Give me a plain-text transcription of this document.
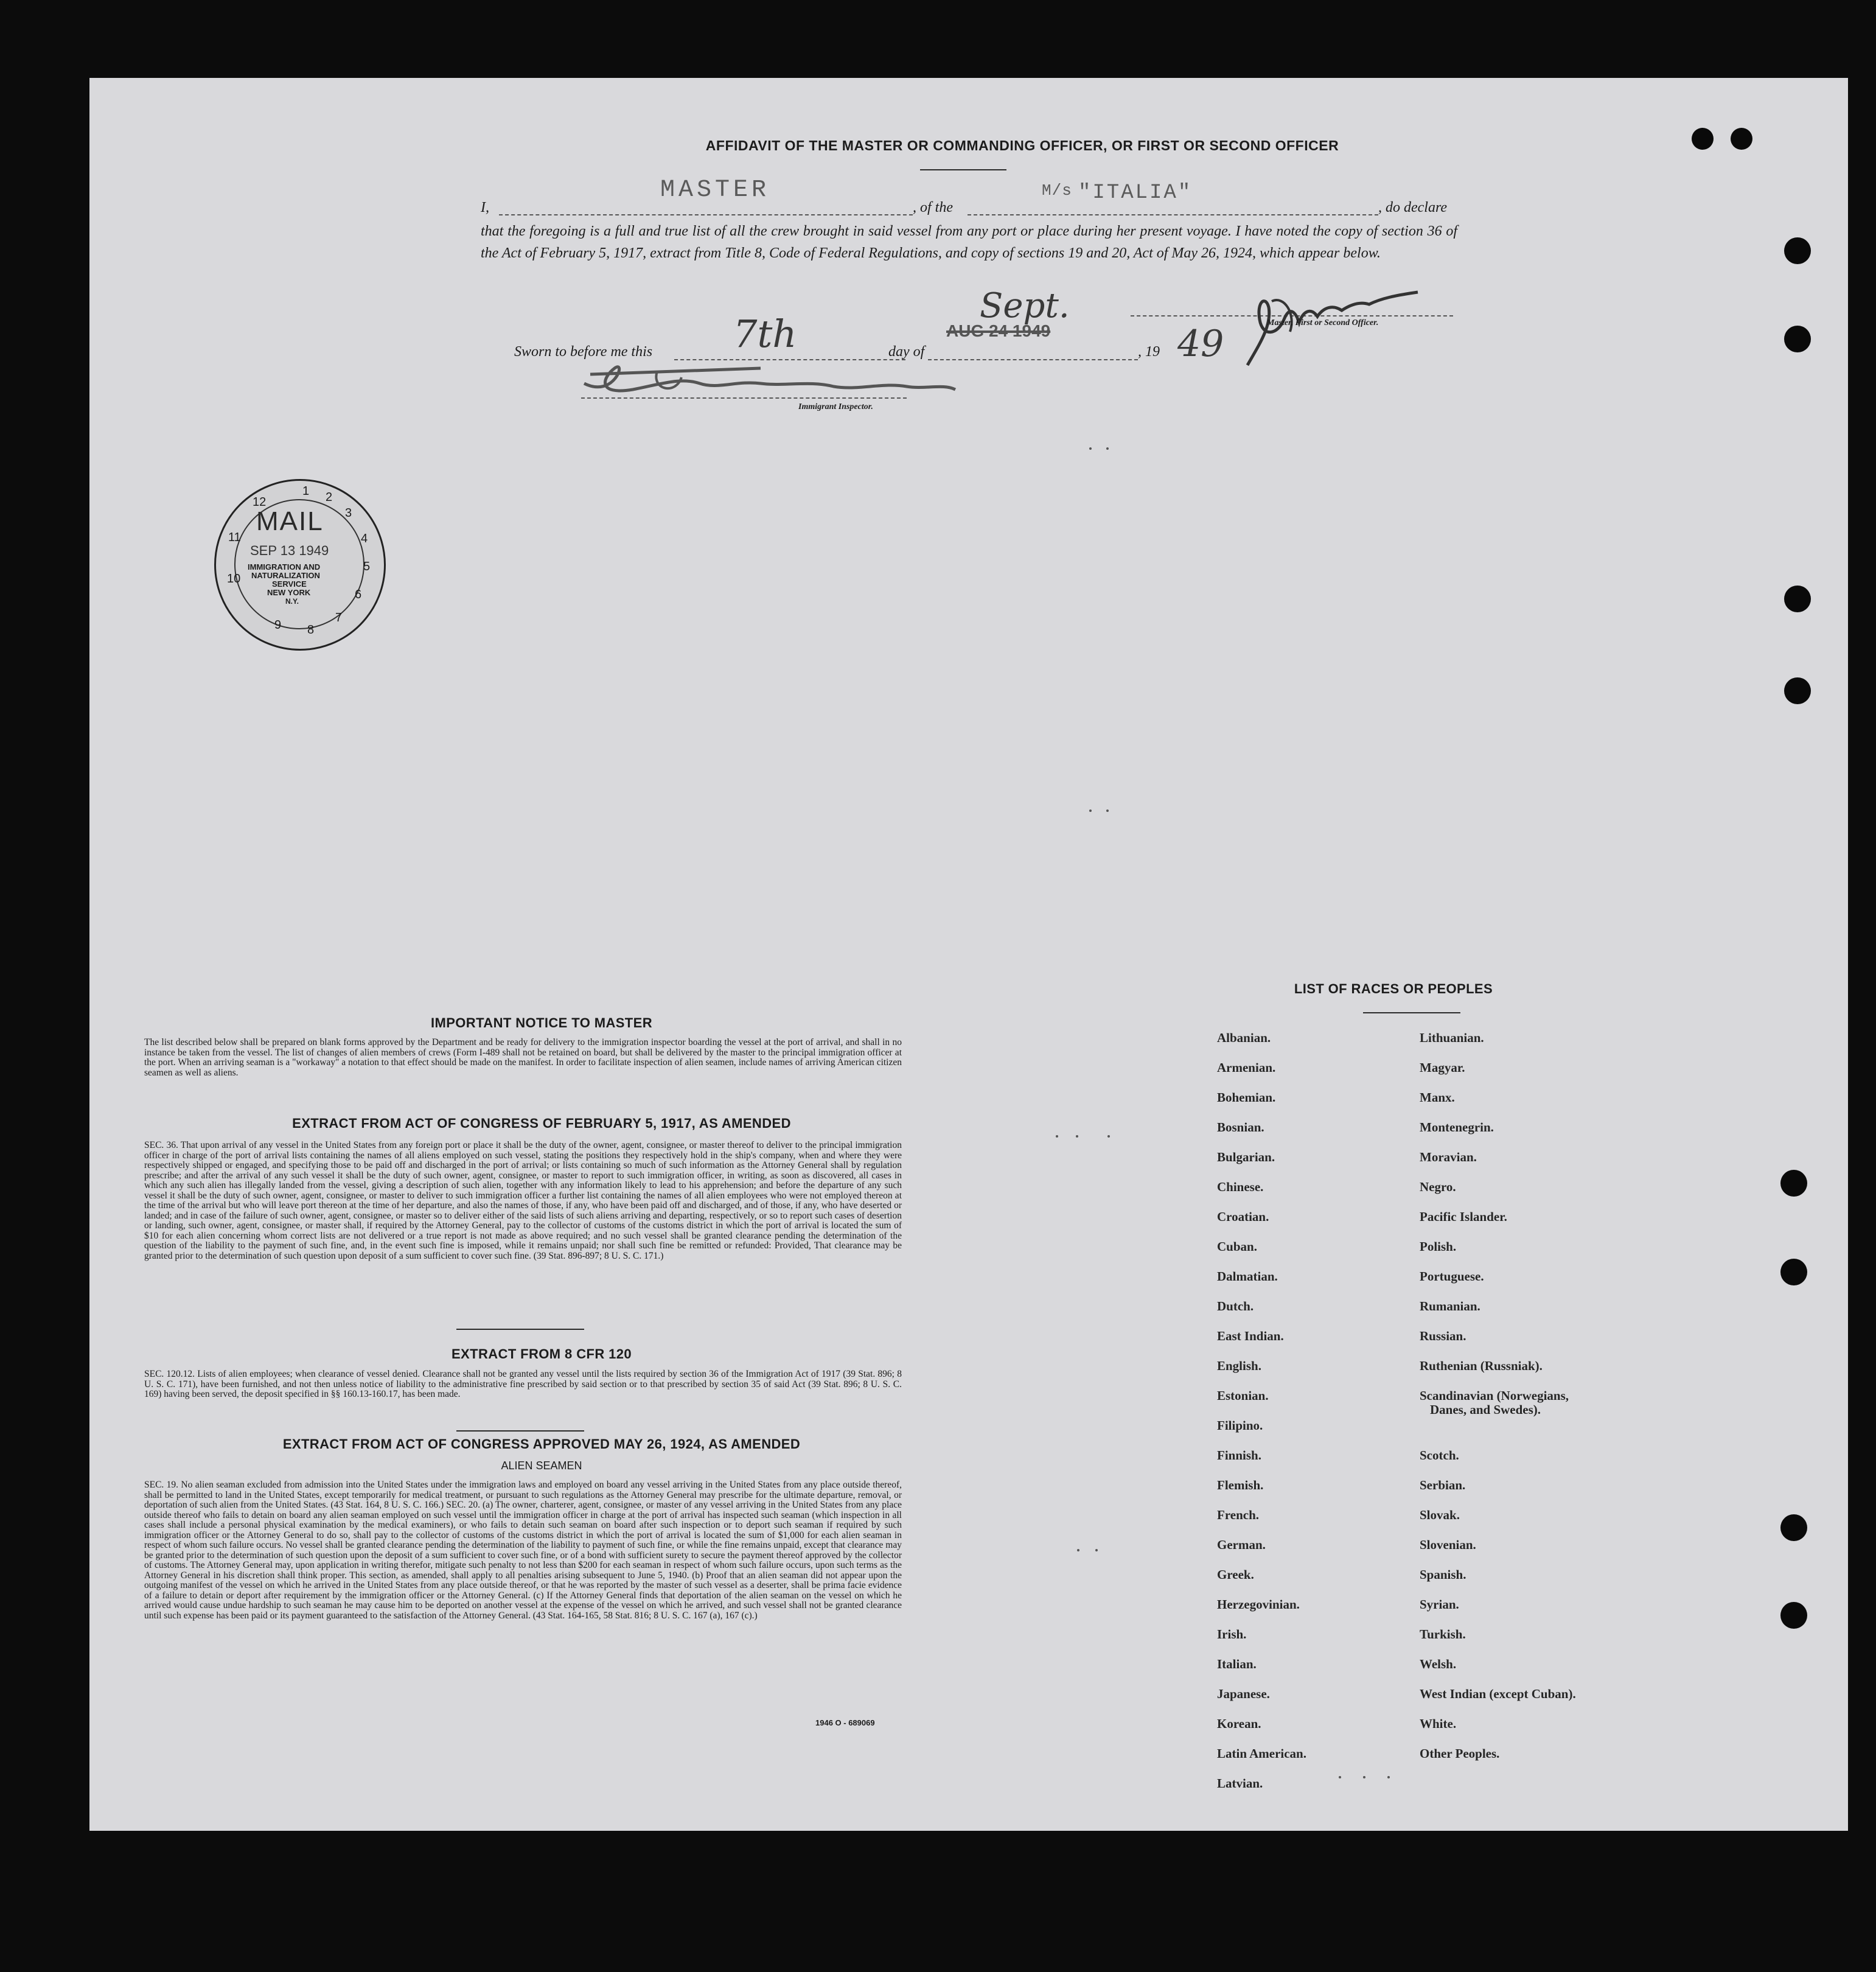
AFFIDAVIT OF THE MASTER OR COMMANDING OFFICER, OR FIRST OR SECOND OFFICER
I,
MASTER
, of the
M/s "ITALIA"
, do declare
that the foregoing is a full and true list of all the crew brought in said vessel from any port or place during her present voyage. I have noted the copy of section 36 of the Act of February 5, 1917, extract from Title 8, Code of Federal Regulations, and copy of sections 19 and 20, Act of May 26, 1924, which appear below.
Sworn to before me this 7th	day of
Sept.
AUG 24 1949
, 19 49	Master, First or Second Officer.
Immigrant Inspector.
MAIL
SEP 13 1949
IMMIGRATION AND
NATURALIZATION
SERVICE
NEW YORK
N.Y.
1 2
3
4
5
6
7
8
9
10
11
12
IMPORTANT NOTICE TO MASTER
The list described below shall be prepared on blank forms approved by the Department and be ready for delivery to the immigration inspector boarding the vessel at the port of arrival, and shall in no instance be taken from the vessel. The list of changes of alien members of crews (Form I-489 shall not be retained on board, but shall be delivered by the master to the principal immigration officer at the port. When an arriving seaman is a "workaway" a notation to that effect should be made on the manifest. In order to facilitate inspection of alien seamen, include names of arriving American citizen seamen as well as aliens.
EXTRACT FROM ACT OF CONGRESS OF FEBRUARY 5, 1917, AS AMENDED
SEC. 36. That upon arrival of any vessel in the United States from any foreign port or place it shall be the duty of the owner, agent, consignee, or master thereof to deliver to the principal immigration officer in charge of the port of arrival lists containing the names of all aliens employed on such vessel, stating the positions they respectively hold in the ship's company, when and where they were respectively shipped or engaged, and specifying those to be paid off and discharged in the port of arrival; or lists containing so much of such information as the Attorney General shall by regulation prescribe; and after the arrival of any such vessel it shall be the duty of such owner, agent, consignee, or master to report to such immigration officer, in writing, as soon as discovered, all cases in which any such alien has illegally landed from the vessel, giving a description of such alien, together with any information likely to lead to his apprehension; and before the departure of any such vessel it shall be the duty of such owner, agent, consignee, or master to deliver to such immigration officer a further list containing the names of all alien employees who were not employed thereon at the time of the arrival but who will leave port thereon at the time of her departure, and also the names of those, if any, who have been paid off and discharged, and of those, if any, who have deserted or landed; and in case of the failure of such owner, agent, consignee, or master so to deliver either of the said lists of such aliens arriving and departing, respectively, or so to report such cases of desertion or landing, such owner, agent, consignee, or master shall, if required by the Attorney General, pay to the collector of customs of the customs district in which the port of arrival is located the sum of $10 for each alien concerning whom correct lists are not delivered or a true report is not made as above required; and no such vessel shall be granted clearance pending the determination of the question of the liability to the payment of such fine, and, in the event such fine is imposed, while it remains unpaid; nor shall such fine be remitted or refunded: Provided, That clearance may be granted prior to the determination of such question upon deposit of a sum sufficient to cover such fine. (39 Stat. 896-897; 8 U. S. C. 171.)
EXTRACT FROM 8 CFR 120
SEC. 120.12. Lists of alien employees; when clearance of vessel denied. Clearance shall not be granted any vessel until the lists required by section 36 of the Immigration Act of 1917 (39 Stat. 896; 8 U. S. C. 171), have been furnished, and not then unless notice of liability to the administrative fine prescribed by said section or to that prescribed by section 35 of said Act (39 Stat. 896; 8 U. S. C. 169) having been served, the deposit specified in §§ 160.13-160.17, has been made.
EXTRACT FROM ACT OF CONGRESS APPROVED MAY 26, 1924, AS AMENDED
ALIEN SEAMEN
SEC. 19. No alien seaman excluded from admission into the United States under the immigration laws and employed on board any vessel arriving in the United States from any place outside thereof, shall be permitted to land in the United States, except temporarily for medical treatment, or pursuant to such regulations as the Attorney General may prescribe for the ultimate departure, removal, or deportation of such alien from the United States. (43 Stat. 164, 8 U. S. C. 166.) SEC. 20. (a) The owner, charterer, agent, consignee, or master of any vessel arriving in the United States from any place outside thereof who fails to detain on board any alien seaman employed on such vessel until the immigration officer in charge at the port of arrival has inspected such seaman (which inspection in all cases shall include a personal physical examination by the medical examiners), or who fails to detain such seaman on board after such inspection or to deport such seaman if required by such immigration officer or the Attorney General to do so, shall pay to the collector of customs of the customs district in which the port of arrival is located the sum of $1,000 for each alien seaman in respect of whom such failure occurs. No vessel shall be granted clearance pending the determination of the liability to payment of such fine, or while the fine remains unpaid, except that clearance may be granted prior to the determination of such question upon the deposit of a sum sufficient to cover such fine, or of a bond with sufficient surety to secure the payment thereof approved by the collector of customs. The Attorney General may, upon application in writing therefor, mitigate such penalty to not less than $200 for each seaman in respect of whom such failure occurs, upon such terms as the Attorney General in his discretion shall think proper. This section, as amended, shall apply to all penalties arising subsequent to June 5, 1940. (b) Proof that an alien seaman did not appear upon the outgoing manifest of the vessel on which he arrived in the United States from any place outside thereof, or that he was reported by the master of such vessel as a deserter, shall be prima facie evidence of a failure to detain or deport after requirement by the immigration officer or the Attorney General. (c) If the Attorney General finds that deportation of the alien seaman on the vessel on which he arrived would cause undue hardship to such seaman he may cause him to be deported on another vessel at the expense of the vessel on which he arrived, and such vessel shall not be granted clearance until such expense has been paid or its payment guaranteed to the satisfaction of the Attorney General. (43 Stat. 164-165, 58 Stat. 816; 8 U. S. C. 167 (a), 167 (c).)
1946 O - 689069
LIST OF RACES OR PEOPLES
Albanian.
Armenian.
Bohemian.
Bosnian.
Bulgarian.
Chinese.
Croatian.
Cuban.
Dalmatian.
Dutch.
East Indian.
English.
Estonian.
Filipino.
Finnish.
Flemish.
French.
German.
Greek.
Herzegovinian.
Irish.
Italian.
Japanese.
Korean.
Latin American.
Latvian.
Lithuanian.
Magyar.
Manx.
Montenegrin.
Moravian.
Negro.
Pacific Islander.
Polish.
Portuguese.
Rumanian.
Russian.
Ruthenian (Russniak).
Scandinavian (Norwegians,
Danes, and Swedes).
Scotch.
Serbian.
Slovak.
Slovenian.
Spanish.
Syrian.
Turkish.
Welsh.
West Indian (except Cuban).
White.
Other Peoples.
